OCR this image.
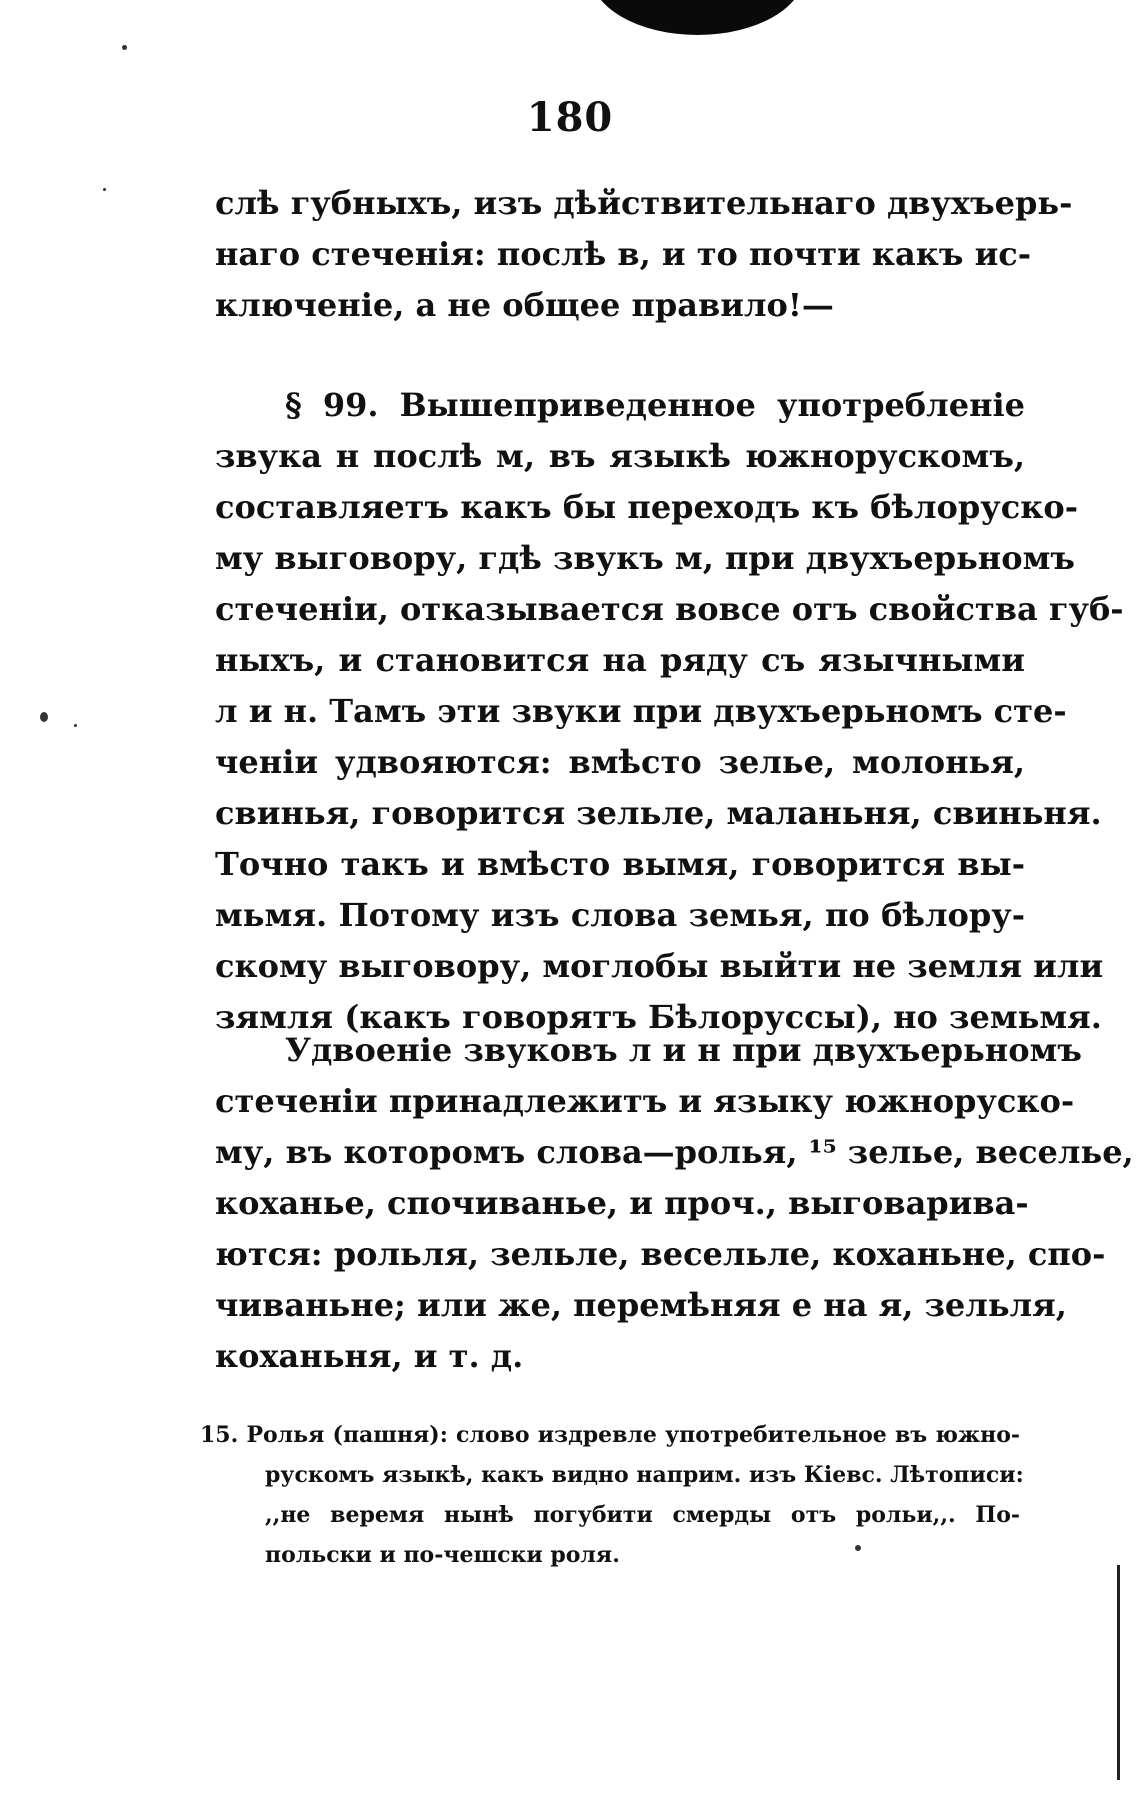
180
слѣ губныхъ, изъ дѣйствительнаго двухъерь-
наго стеченія: послѣ в, и то почти какъ ис-
ключеніе, а не общее правило!—
§ 99. Вышеприведенное употребленіе
звука н послѣ м, въ языкѣ южнорускомъ,
составляетъ какъ бы переходъ къ бѣлоруско-
му выговору, гдѣ звукъ м, при двухъерьномъ
стеченіи, отказывается вовсе отъ свойства губ-
ныхъ, и становится на ряду съ язычными
л и н. Тамъ эти звуки при двухъерьномъ сте-
ченіи удвояются: вмѣсто зелье, молонья,
свинья, говорится зельле, маланьня, свиньня.
Точно такъ и вмѣсто вымя, говорится вы-
мьмя. Потому изъ слова земья, по бѣлору-
скому выговору, моглобы выйти не земля или
зямля (какъ говорятъ Бѣлоруссы), но земьмя.
Удвоеніе звуковъ л и н при двухъерьномъ
стеченіи принадлежитъ и языку южнорускo-
му, въ которомъ слова—ролья, ¹⁵ зелье, веселье,
коханье, спочиванье, и проч., выговарива-
ются: рольля, зельле, весельле, коханьне, спо-
чиваньне; или же, перемѣняя е на я, зельля,
коханьня, и т. д.
15. Ролья (пашня): слово издревле употребительное въ южно-
рускомъ языкѣ, какъ видно наприм. изъ Кіевс. Лѣтописи:
,,не веремя нынѣ погубити смерды отъ рольи,,. По-
польски и по-чешски роля.
